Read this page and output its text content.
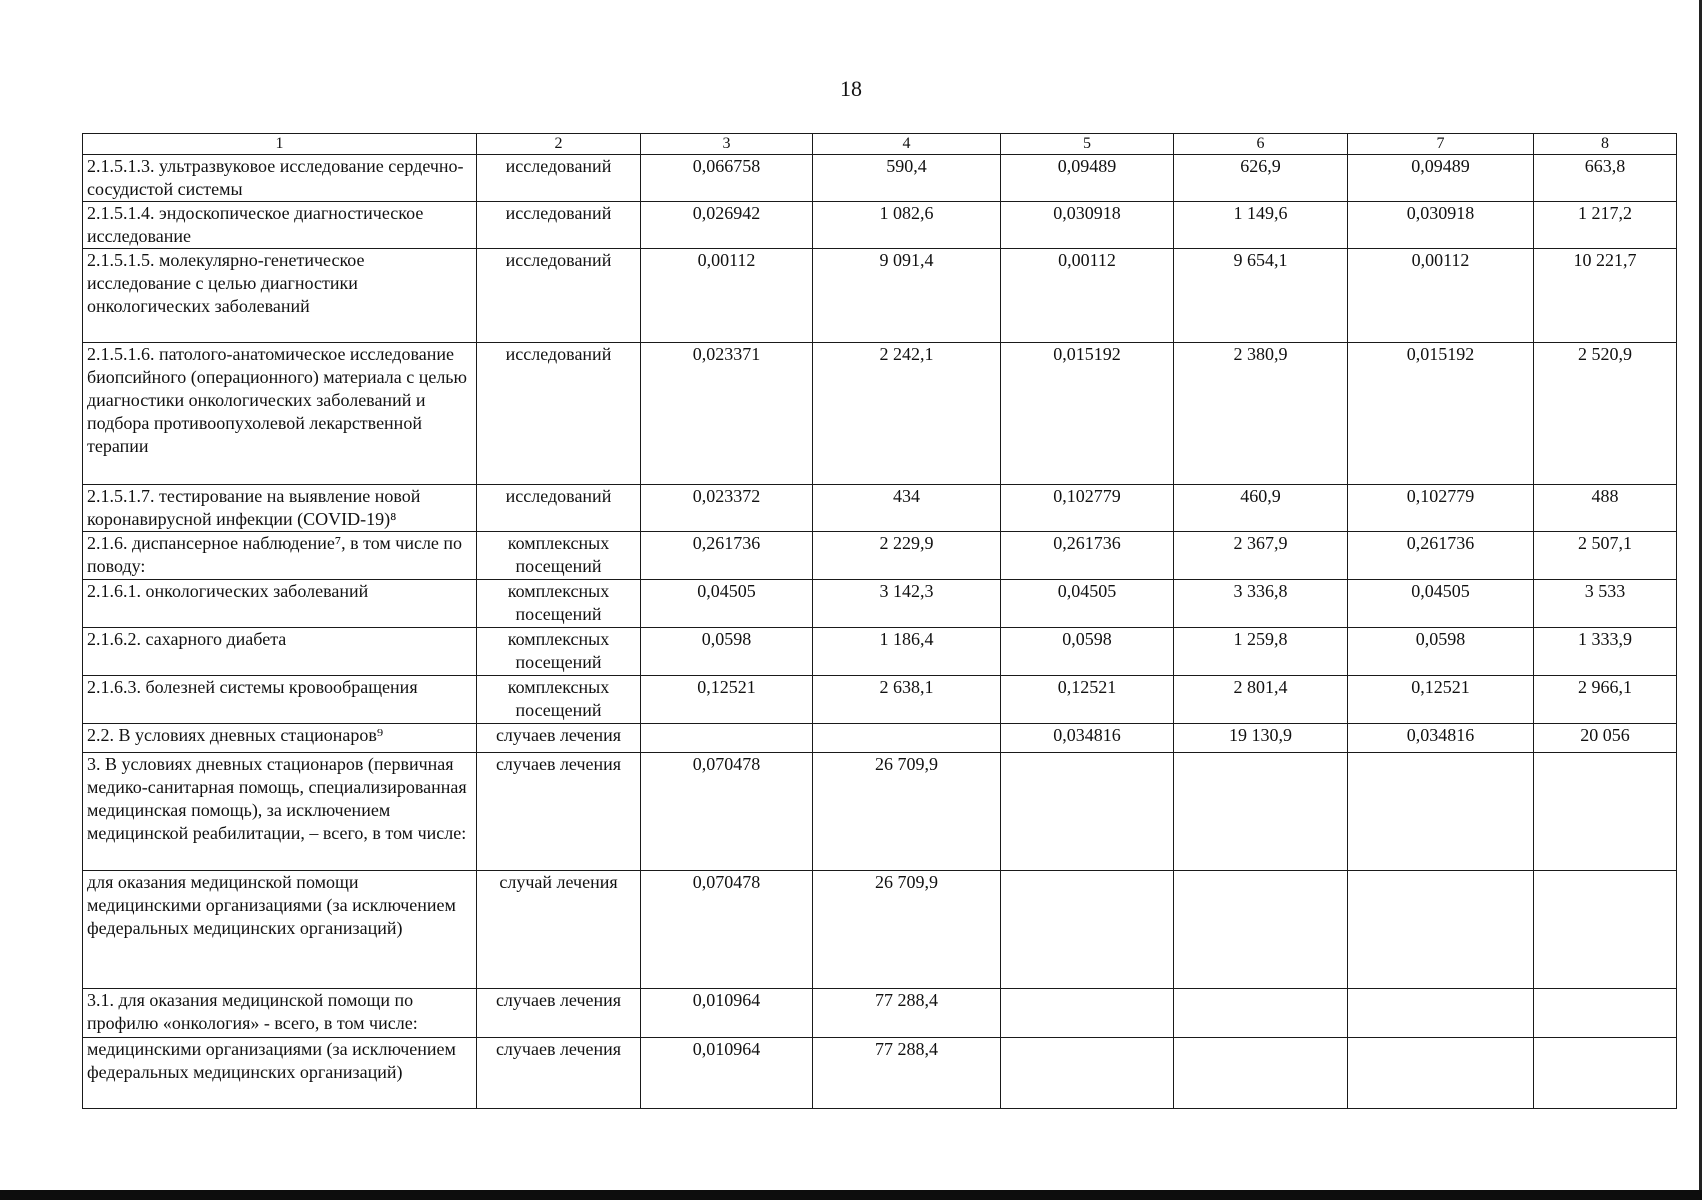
18
1	2	3	4	5	6	7	8
2.1.5.1.3. ультразвуковое исследование сердечно-сосудистой системы	исследований	0,066758	590,4	0,09489	626,9	0,09489	663,8
2.1.5.1.4. эндоскопическое диагностическое исследование	исследований	0,026942	1 082,6	0,030918	1 149,6	0,030918	1 217,2
2.1.5.1.5. молекулярно-генетическое исследование с целью диагностики онкологических заболеваний	исследований	0,00112	9 091,4	0,00112	9 654,1	0,00112	10 221,7
2.1.5.1.6. патолого-анатомическое исследование биопсийного (операционного) материала с целью диагностики онкологических заболеваний и подбора противоопухолевой лекарственной терапии	исследований	0,023371	2 242,1	0,015192	2 380,9	0,015192	2 520,9
2.1.5.1.7. тестирование на выявление новой коронавирусной инфекции (COVID-19)⁸	исследований	0,023372	434	0,102779	460,9	0,102779	488
2.1.6. диспансерное наблюдение⁷, в том числе по поводу:	комплексных посещений	0,261736	2 229,9	0,261736	2 367,9	0,261736	2 507,1
2.1.6.1. онкологических заболеваний	комплексных посещений	0,04505	3 142,3	0,04505	3 336,8	0,04505	3 533
2.1.6.2. сахарного диабета	комплексных посещений	0,0598	1 186,4	0,0598	1 259,8	0,0598	1 333,9
2.1.6.3. болезней системы кровообращения	комплексных посещений	0,12521	2 638,1	0,12521	2 801,4	0,12521	2 966,1
2.2. В условиях дневных стационаров⁹	случаев лечения			0,034816	19 130,9	0,034816	20 056
3. В условиях дневных стационаров (первичная медико-санитарная помощь, специализированная медицинская помощь), за исключением медицинской реабилитации, – всего, в том числе:	случаев лечения	0,070478	26 709,9				
для оказания медицинской помощи медицинскими организациями (за исключением федеральных медицинских организаций)	случай лечения	0,070478	26 709,9				
3.1. для оказания медицинской помощи по профилю «онкология» - всего, в том числе:	случаев лечения	0,010964	77 288,4				
медицинскими организациями (за исключением федеральных медицинских организаций)	случаев лечения	0,010964	77 288,4				
